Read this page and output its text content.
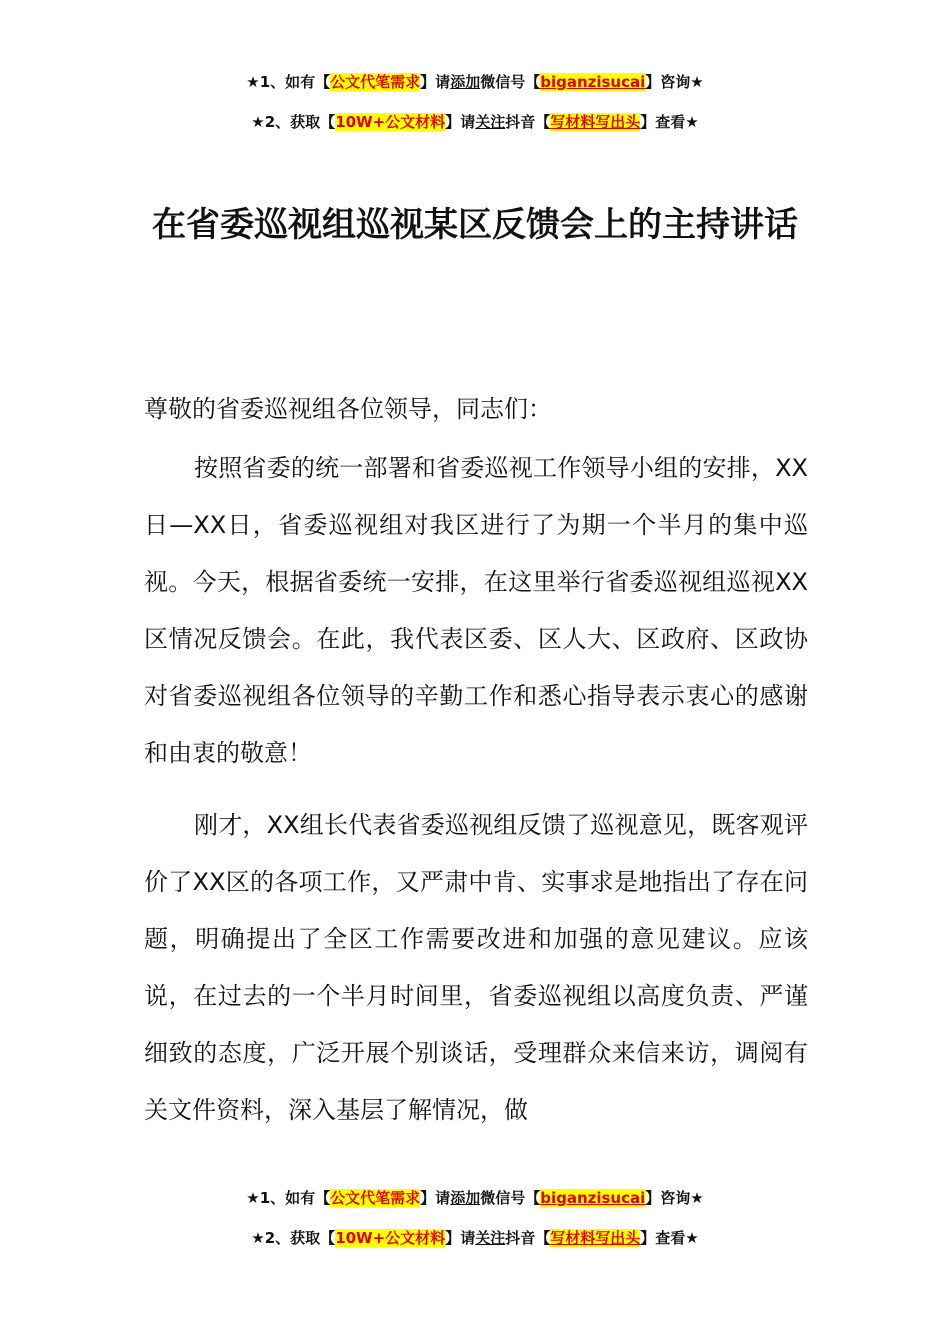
★1、如有【公文代笔需求】请添加微信号【biganzisucai】咨询★
★2、获取【10W+公文材料】请关注抖音【写材料写出头】查看★
在省委巡视组巡视某区反馈会上的主持讲话
尊敬的省委巡视组各位领导，同志们：

按照省委的统一部署和省委巡视工作领导小组的安排，XX日—XX日，省委巡视组对我区进行了为期一个半月的集中巡视。今天，根据省委统一安排，在这里举行省委巡视组巡视XX区情况反馈会。在此，我代表区委、区人大、区政府、区政协对省委巡视组各位领导的辛勤工作和悉心指导表示衷心的感谢和由衷的敬意！

刚才，XX组长代表省委巡视组反馈了巡视意见，既客观评价了XX区的各项工作，又严肃中肯、实事求是地指出了存在问题，明确提出了全区工作需要改进和加强的意见建议。应该说，在过去的一个半月时间里，省委巡视组以高度负责、严谨细致的态度，广泛开展个别谈话，受理群众来信来访，调阅有关文件资料，深入基层了解情况，做

★1、如有【公文代笔需求】请添加微信号【biganzisucai】咨询★
★2、获取【10W+公文材料】请关注抖音【写材料写出头】查看★
